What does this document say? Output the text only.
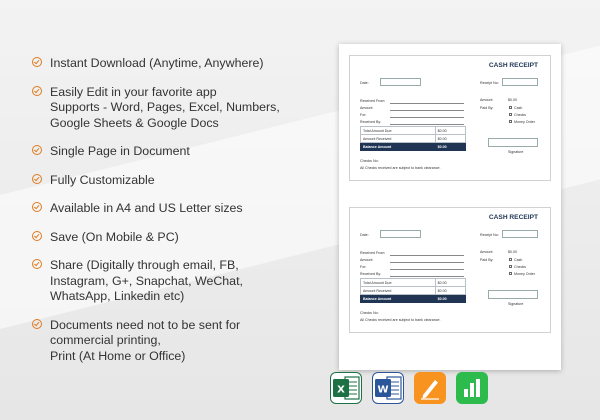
Instant Download (Anytime, Anywhere)
Easily Edit in your favorite app
Supports - Word, Pages, Excel, Numbers,
Google Sheets & Google Docs
Single Page in Document
Fully Customizable
Available in A4 and US Letter sizes
Save (On Mobile & PC)
Share (Digitally through email, FB,
Instagram, G+, Snapchat, WeChat,
WhatsApp, Linkedin etc)
Documents need not to be sent for
commercial printing,
Print (At Home or Office)
CASH RECEIPT
Date:	Receipt No:
Received From:
Amount:
For:
Received By:
Amount:	$0.00
Paid By:	Cash
Checks
Money Order
Total Amount Due:	$0.00
Amount Received	$0.00
Balance Amount	$0.00
Signature
Checks No:
All Checks received are subject to bank clearance.
CASH RECEIPT
Date:	Receipt No:
Received From:
Amount:
For:
Received By:
Amount:	$0.00
Paid By:	Cash
Checks
Money Order
Total Amount Due:	$0.00
Amount Received	$0.00
Balance Amount	$0.00
Signature
Checks No:
All Checks received are subject to bank clearance.
X	W
